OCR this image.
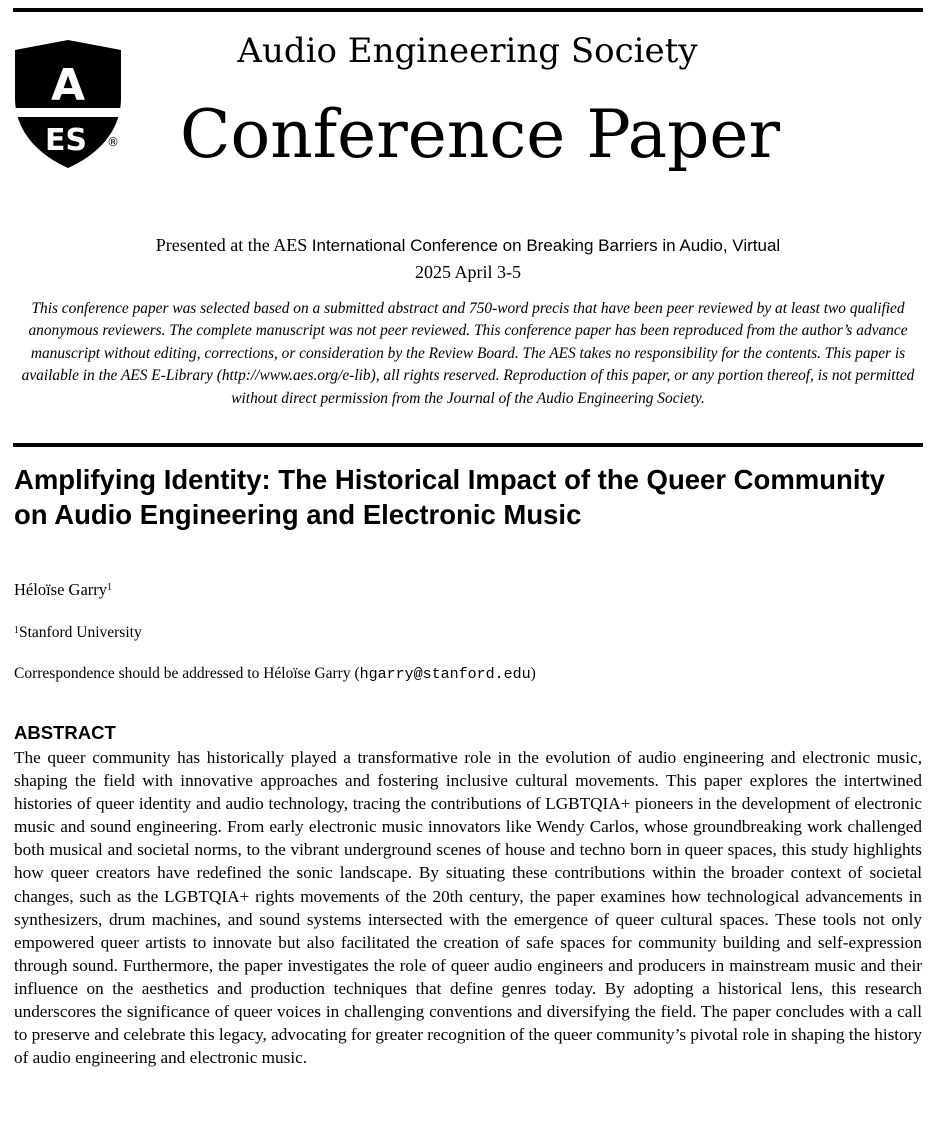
A
ES ®
Audio Engineering Society
Conference Paper
Presented at the AES International Conference on Breaking Barriers in Audio, Virtual
2025 April 3-5
This conference paper was selected based on a submitted abstract and 750-word precis that have been peer reviewed by at least two qualified anonymous reviewers. The complete manuscript was not peer reviewed. This conference paper has been reproduced from the author’s advance manuscript without editing, corrections, or consideration by the Review Board. The AES takes no responsibility for the contents. This paper is available in the AES E-Library (http://www.aes.org/e-lib), all rights reserved. Reproduction of this paper, or any portion thereof, is not permitted without direct permission from the Journal of the Audio Engineering Society.
Amplifying Identity: The Historical Impact of the Queer Community on Audio Engineering and Electronic Music
Héloïse Garry$^1$
$^1$Stanford University
Correspondence should be addressed to Héloïse Garry (hgarry@stanford.edu)
ABSTRACT

The queer community has historically played a transformative role in the evolution of audio engineering and electronic music, shaping the field with innovative approaches and fostering inclusive cultural movements. This paper explores the intertwined histories of queer identity and audio technology, tracing the contributions of LGBTQIA+ pioneers in the development of electronic music and sound engineering. From early electronic music innovators like Wendy Carlos, whose groundbreaking work challenged both musical and societal norms, to the vibrant underground scenes of house and techno born in queer spaces, this study highlights how queer creators have redefined the sonic landscape. By situating these contributions within the broader context of societal changes, such as the LGBTQIA+ rights movements of the 20th century, the paper examines how technological advancements in synthesizers, drum machines, and sound systems intersected with the emergence of queer cultural spaces. These tools not only empowered queer artists to innovate but also facilitated the creation of safe spaces for community building and self-expression through sound. Furthermore, the paper investigates the role of queer audio engineers and producers in mainstream music and their influence on the aesthetics and production techniques that define genres today. By adopting a historical lens, this research underscores the significance of queer voices in challenging conventions and diversifying the field. The paper concludes with a call to preserve and celebrate this legacy, advocating for greater recognition of the queer community’s pivotal role in shaping the history of audio engineering and electronic music.
